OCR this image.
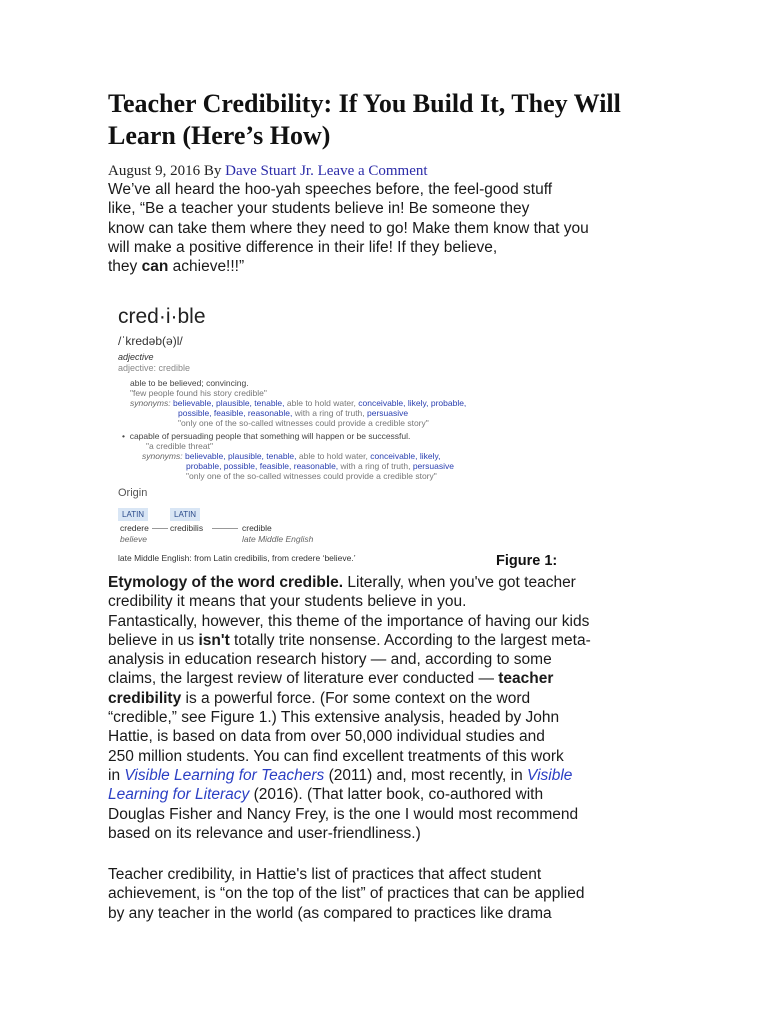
Teacher Credibility: If You Build It, They Will Learn (Here’s How)
August 9, 2016 By Dave Stuart Jr. Leave a Comment

We’ve all heard the hoo-yah speeches before, the feel-good stuff
like, “Be a teacher your students believe in! Be someone they
know can take them where they need to go! Make them know that you
will make a positive difference in their life! If they believe,
they can achieve!!!”

cred·i·ble
/ˈkredəb(ə)l/
adjective
adjective: credible
able to be believed; convincing.
"few people found his story credible"
synonyms: believable, plausible, tenable, able to hold water, conceivable, likely, probable,
possible, feasible, reasonable, with a ring of truth, persuasive
"only one of the so-called witnesses could provide a credible story"
•  capable of persuading people that something will happen or be successful.
"a credible threat"
synonyms: believable, plausible, tenable, able to hold water, conceivable, likely,
probable, possible, feasible, reasonable, with a ring of truth, persuasive
"only one of the so-called witnesses could provide a credible story"
Origin
LATIN	LATIN
credere credibilis	credible
believe	late Middle English
late Middle English: from Latin credibilis, from credere ‘believe.’	Figure 1:

Etymology of the word credible. Literally, when you've got teacher
credibility it means that your students believe in you.
Fantastically, however, this theme of the importance of having our kids
believe in us isn't totally trite nonsense. According to the largest meta-
analysis in education research history — and, according to some
claims, the largest review of literature ever conducted — teacher
credibility is a powerful force. (For some context on the word
“credible,” see Figure 1.) This extensive analysis, headed by John
Hattie, is based on data from over 50,000 individual studies and
250 million students. You can find excellent treatments of this work
in Visible Learning for Teachers (2011) and, most recently, in Visible
Learning for Literacy (2016). (That latter book, co-authored with
Douglas Fisher and Nancy Frey, is the one I would most recommend
based on its relevance and user-friendliness.)

Teacher credibility, in Hattie's list of practices that affect student
achievement, is “on the top of the list” of practices that can be applied
by any teacher in the world (as compared to practices like drama
